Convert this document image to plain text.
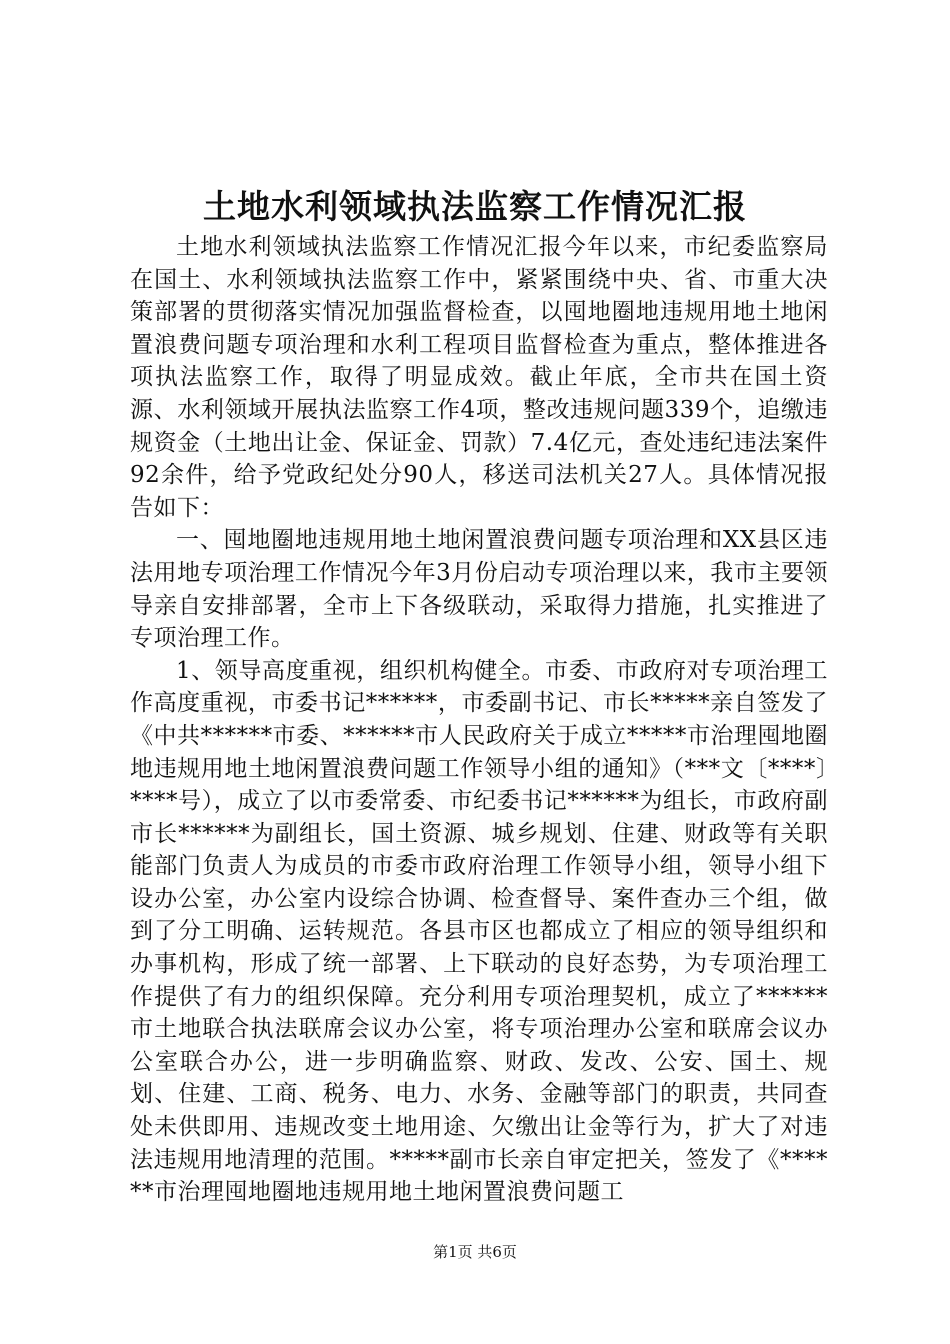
土地水利领域执法监察工作情况汇报

土地水利领域执法监察工作情况汇报今年以来，市纪委监察局在国土、水利领域执法监察工作中，紧紧围绕中央、省、市重大决策部署的贯彻落实情况加强监督检查，以囤地圈地违规用地土地闲置浪费问题专项治理和水利工程项目监督检查为重点，整体推进各项执法监察工作，取得了明显成效。截止年底，全市共在国土资源、水利领域开展执法监察工作4项，整改违规问题339个，追缴违规资金（土地出让金、保证金、罚款）7.4亿元，查处违纪违法案件92余件，给予党政纪处分90人，移送司法机关27人。具体情况报告如下：

一、囤地圈地违规用地土地闲置浪费问题专项治理和XX县区违法用地专项治理工作情况今年3月份启动专项治理以来，我市主要领导亲自安排部署，全市上下各级联动，采取得力措施，扎实推进了专项治理工作。

1、领导高度重视，组织机构健全。市委、市政府对专项治理工作高度重视，市委书记******，市委副书记、市长*****亲自签发了《中共******市委、******市人民政府关于成立*****市治理囤地圈地违规用地土地闲置浪费问题工作领导小组的通知》（***文〔****〕****号），成立了以市委常委、市纪委书记******为组长，市政府副市长******为副组长，国土资源、城乡规划、住建、财政等有关职能部门负责人为成员的市委市政府治理工作领导小组，领导小组下设办公室，办公室内设综合协调、检查督导、案件查办三个组，做到了分工明确、运转规范。各县市区也都成立了相应的领导组织和办事机构，形成了统一部署、上下联动的良好态势，为专项治理工作提供了有力的组织保障。充分利用专项治理契机，成立了******市土地联合执法联席会议办公室，将专项治理办公室和联席会议办公室联合办公，进一步明确监察、财政、发改、公安、国土、规划、住建、工商、税务、电力、水务、金融等部门的职责，共同查处未供即用、违规改变土地用途、欠缴出让金等行为，扩大了对违法违规用地清理的范围。*****副市长亲自审定把关，签发了《******市治理囤地圈地违规用地土地闲置浪费问题工

第1页 共6页
